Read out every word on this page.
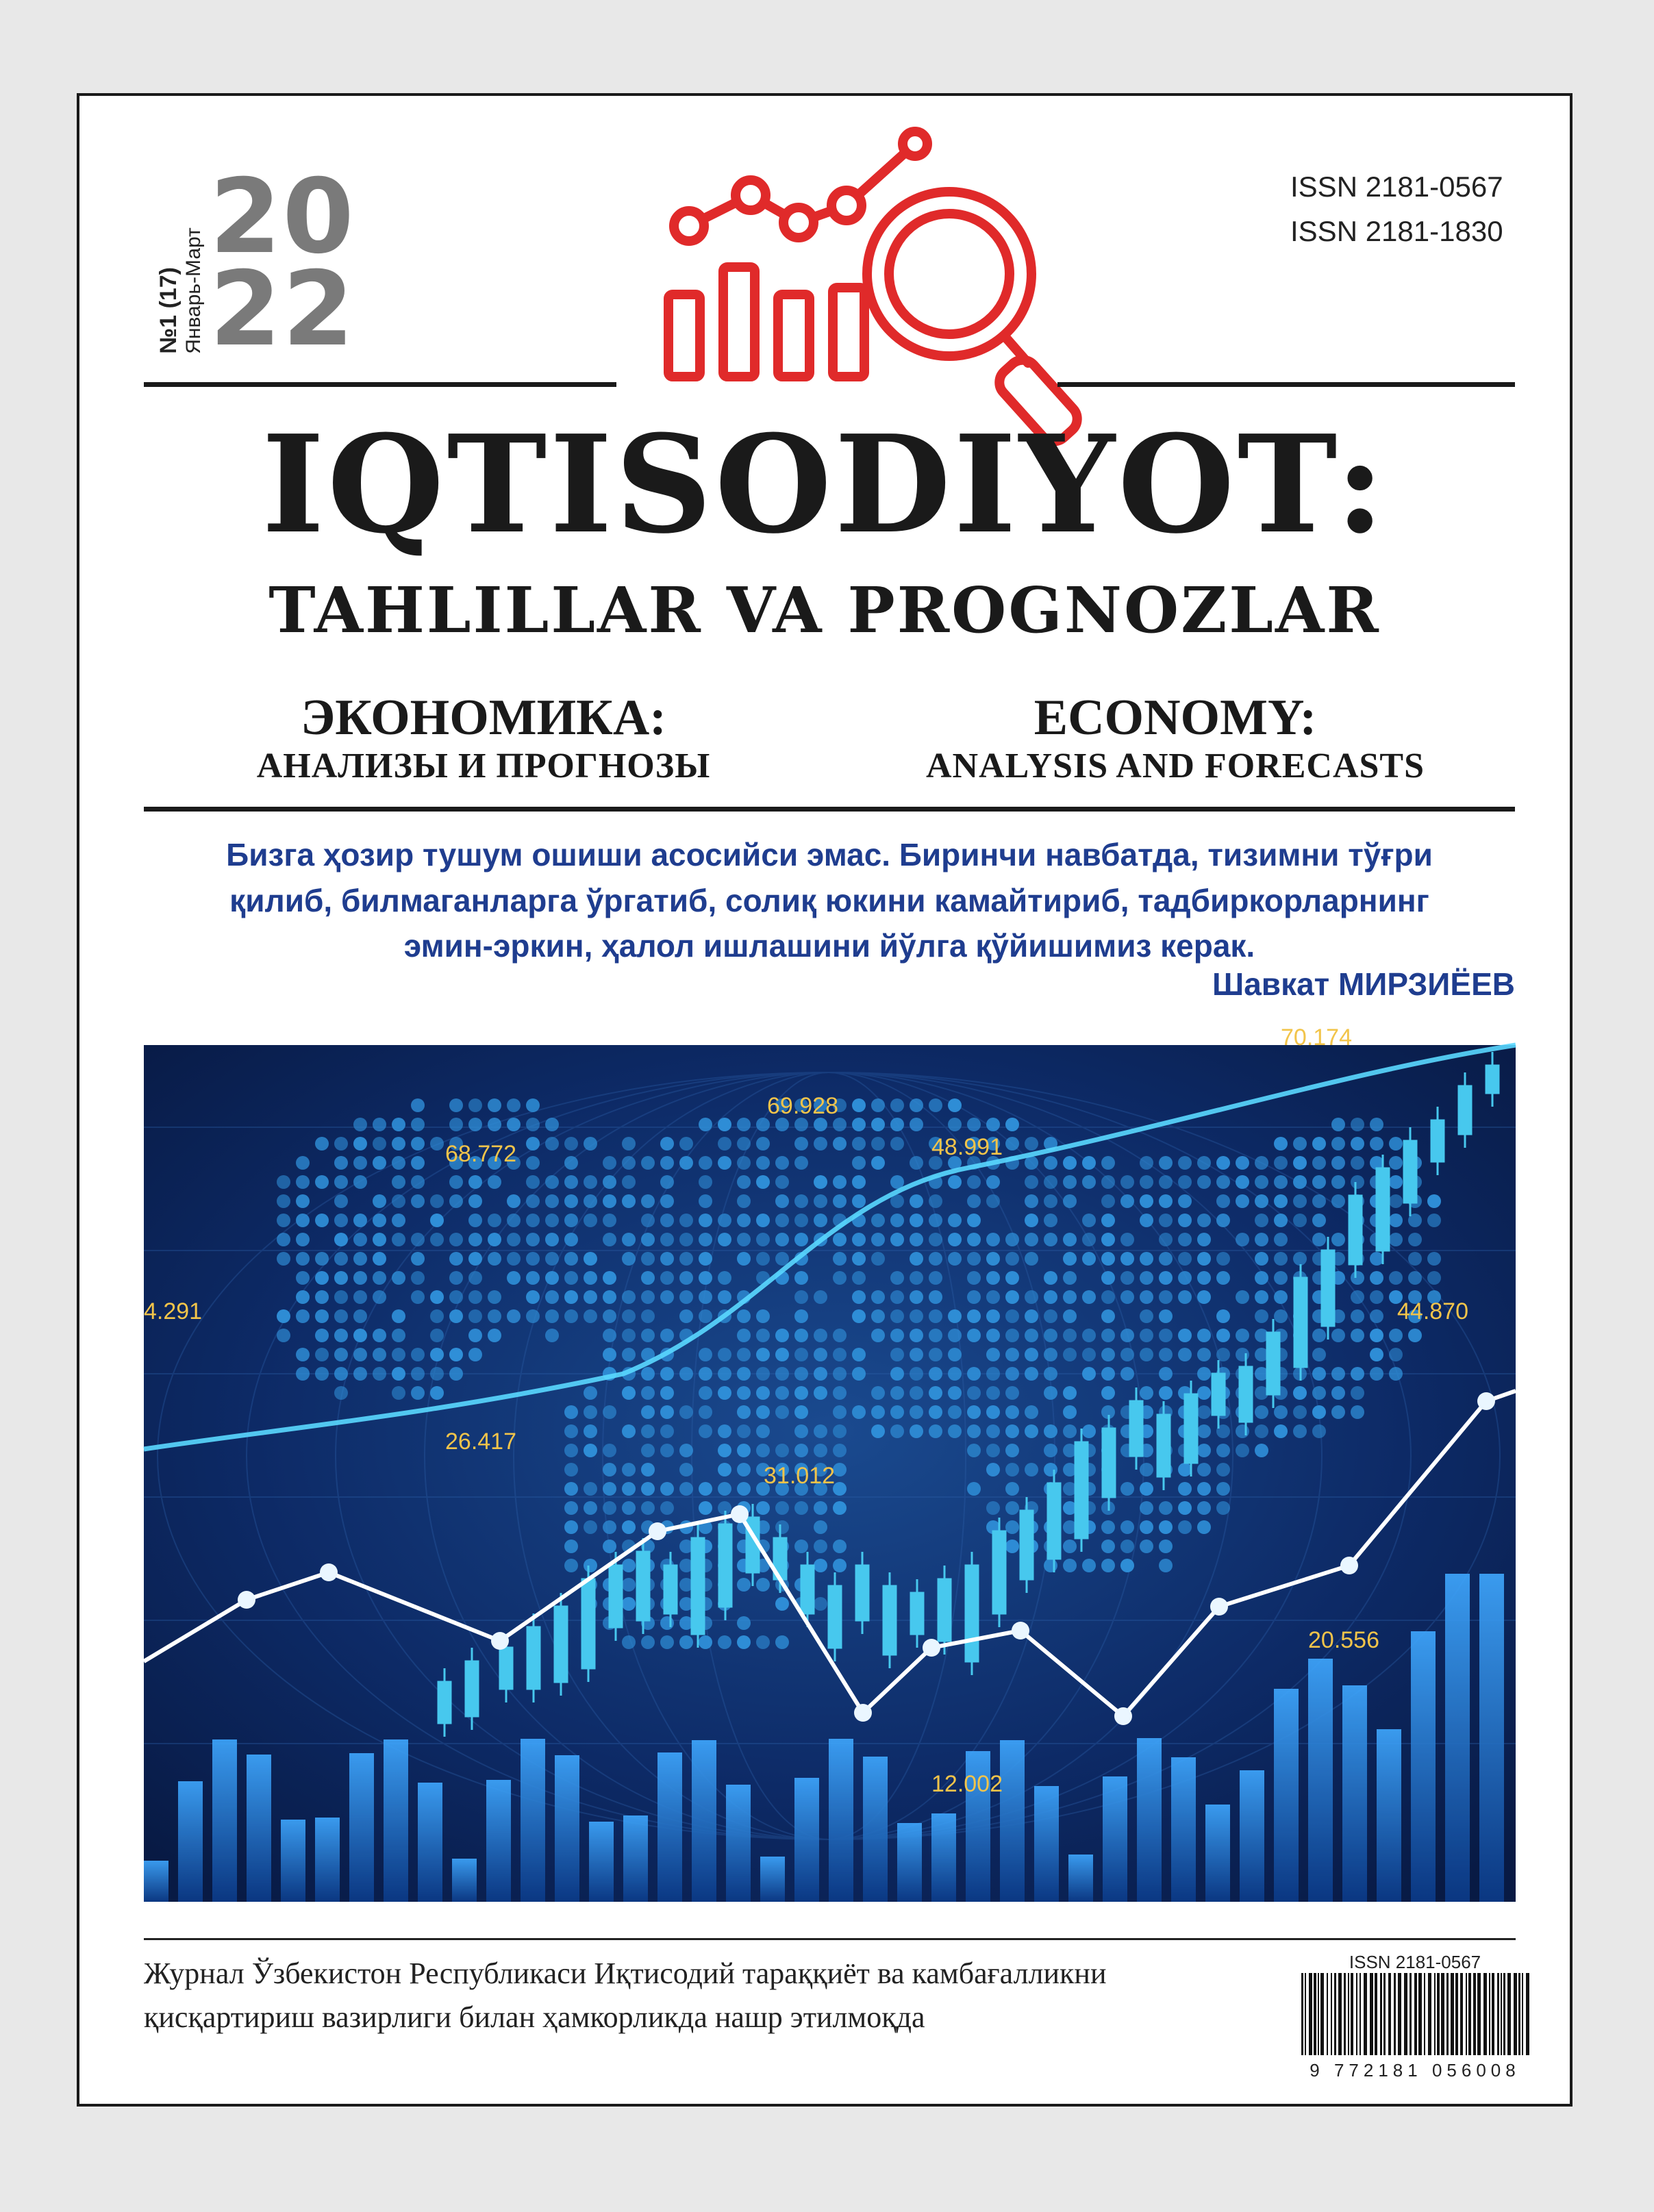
№1 (17) Январь-Март
20
22
ISSN 2181-0567
ISSN 2181-1830
IQTISODIYOT:
TAHLILLAR VA PROGNOZLAR
ЭКОНОМИКА:
АНАЛИЗЫ И ПРОГНОЗЫ
ECONOMY:
ANALYSIS AND FORECASTS
Бизга ҳозир тушум ошиши асосийси эмас. Биринчи навбатда, тизимни тўғри
қилиб, билмаганларга ўргатиб, солиқ юкини камайтириб, тадбиркорларнинг
эмин-эркин, ҳалол ишлашини йўлга қўйишимиз керак.
Шавкат МИРЗИЁЕВ
68.772
69.928
48.991
4.291	44.870
26.417
31.012
20.556
12.002
70.174
Журнал Ўзбекистон Республикаси Иқтисодий тараққиёт ва камбағалликни
қисқартириш вазирлиги билан ҳамкорликда нашр этилмоқда
ISSN 2181-0567
9 772181 056008
